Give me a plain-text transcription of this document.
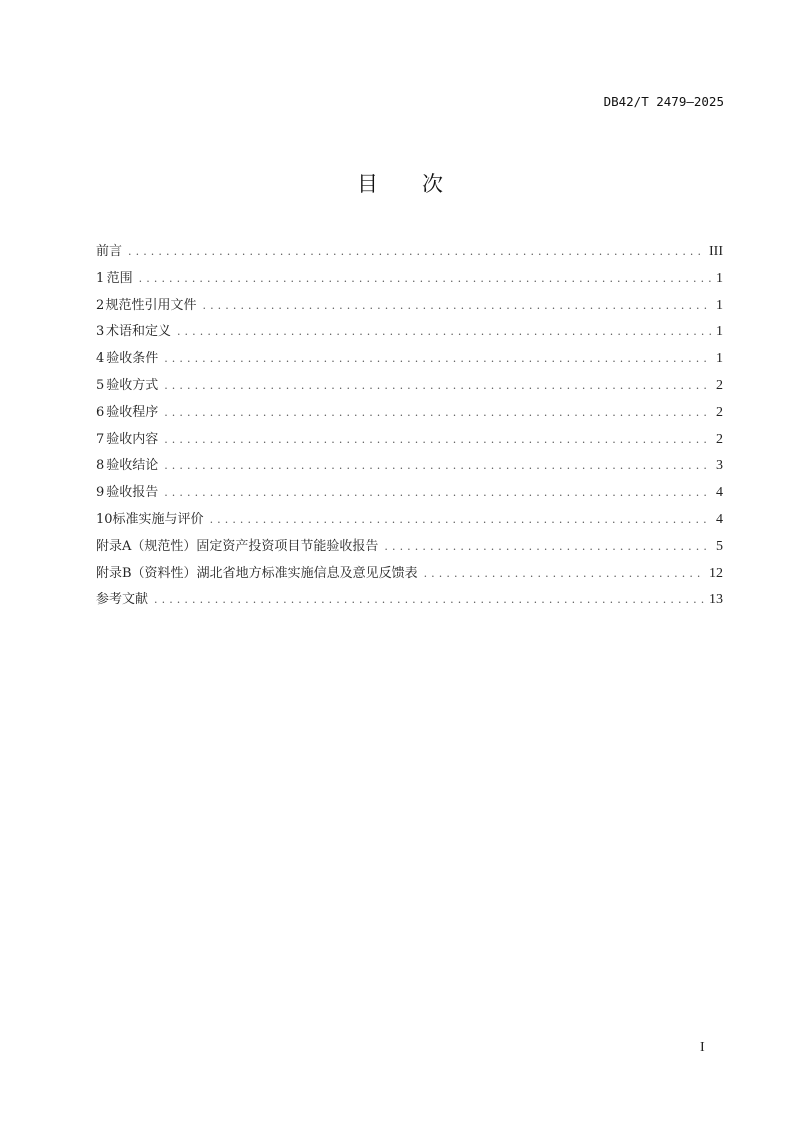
DB42/T 2479—2025
目 次
前言 . . .	III
1 范围 . . .	1
2 规范性引用文件 . . .	1
3 术语和定义 . . .	1
4 验收条件 . . .	1
5 验收方式 . . .	2
6 验收程序 . . .	2
7 验收内容 . . .	2
8 验收结论 . . .	3
9 验收报告 . . .	4
10 标准实施与评价 . . .	4
附录A（规范性） 固定资产投资项目节能验收报告 . . .	5
附录B（资料性） 湖北省地方标准实施信息及意见反馈表 . . .	12
参考文献 . . .	13
I
